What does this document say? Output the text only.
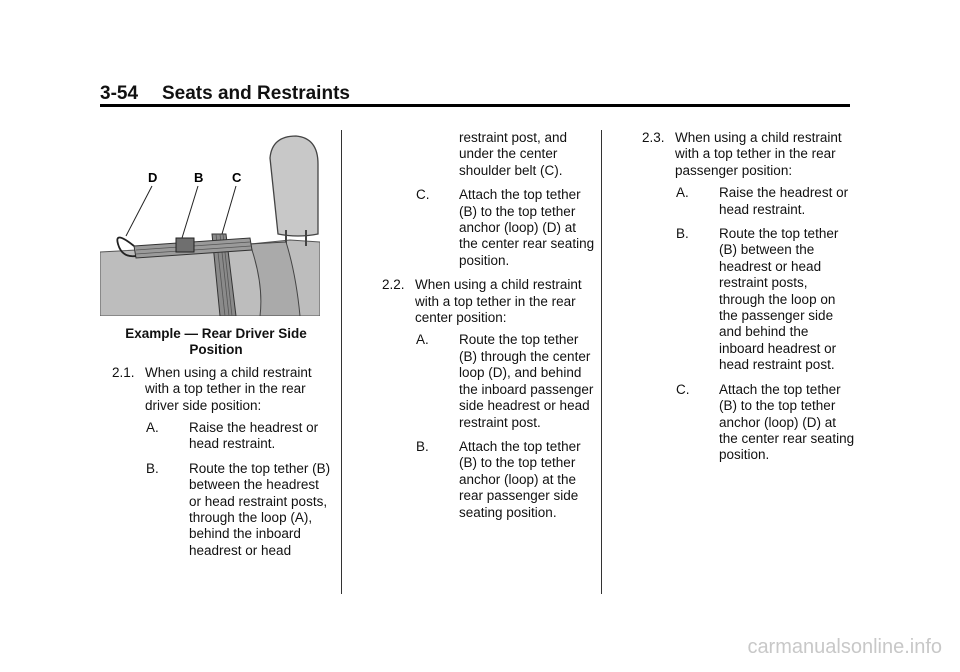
3-54 Seats and Restraints
D	B C

Example — Rear Driver Side Position

2.1. When using a child restraint with a top tether in the rear driver side position:

A. Raise the headrest or head restraint.

B. Route the top tether (B) between the headrest or head restraint posts, through the loop (A), behind the inboard headrest or head

restraint post, and under the center shoulder belt (C).

C. Attach the top tether (B) to the top tether anchor (loop) (D) at the center rear seating position.

2.2. When using a child restraint with a top tether in the rear center position:

A. Route the top tether (B) through the center loop (D), and behind the inboard passenger side headrest or head restraint post.

B. Attach the top tether (B) to the top tether anchor (loop) at the rear passenger side seating position.

2.3. When using a child restraint with a top tether in the rear passenger position:

A. Raise the headrest or head restraint.

B. Route the top tether (B) between the headrest or head restraint posts, through the loop on the passenger side and behind the inboard headrest or head restraint post.

C. Attach the top tether (B) to the top tether anchor (loop) (D) at the center rear seating position.

carmanualsonline.info
